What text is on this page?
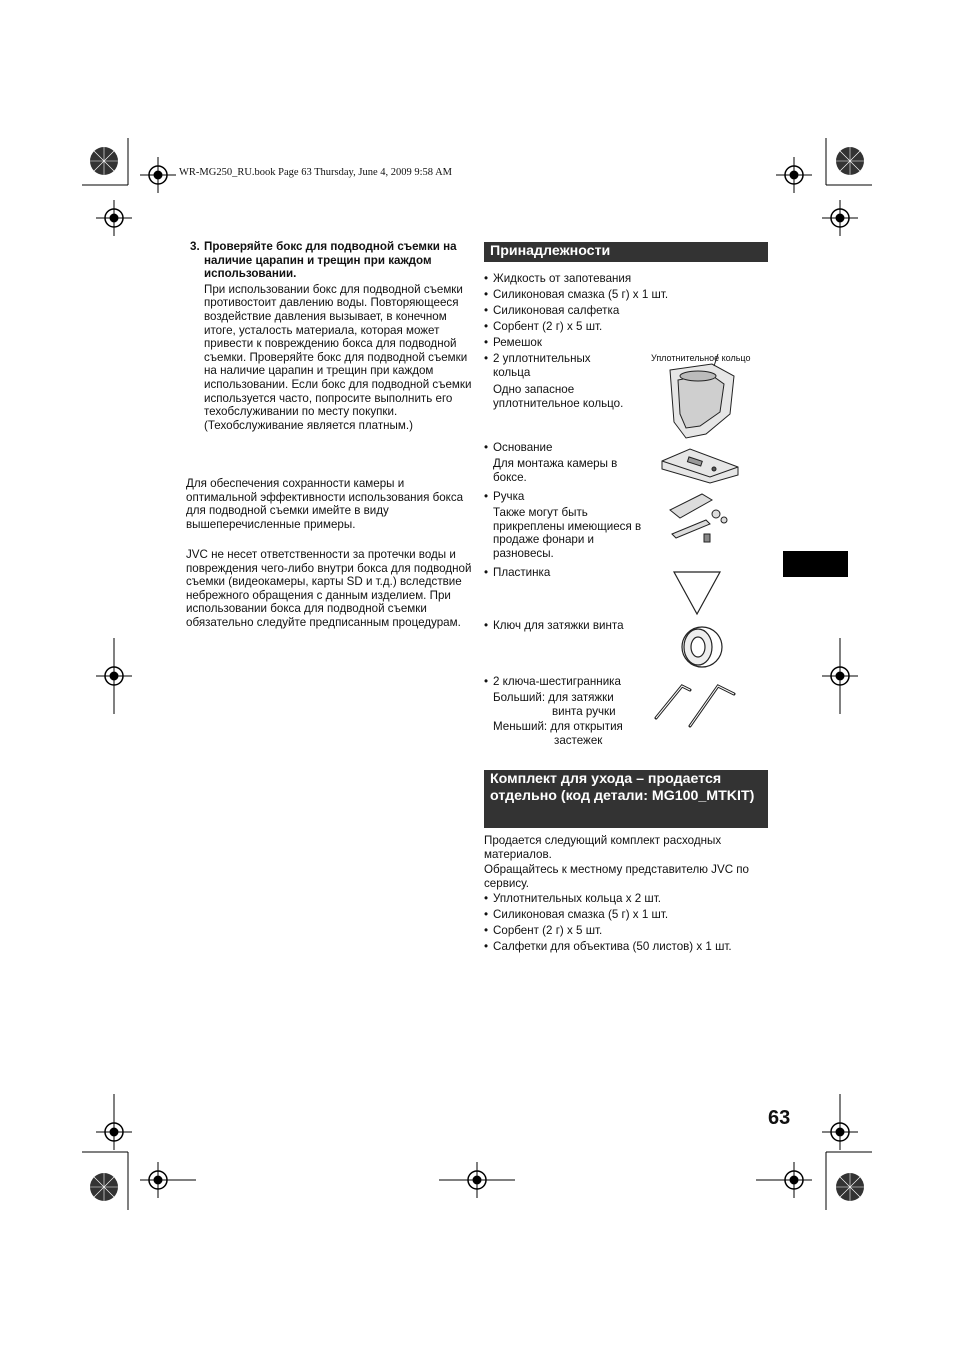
WR-MG250_RU.book Page 63 Thursday, June 4, 2009 9:58 AM
3. Проверяйте бокс для подводной съемки на наличие царапин и трещин при каждом использовании.
При использовании бокс для подводной съемки противостоит давлению воды. Повторяющееся воздействие давления вызывает, в конечном итоге, усталость материала, которая может привести к повреждению бокса для подводной съемки. Проверяйте бокс для подводной съемки на наличие царапин и трещин при каждом использовании. Если бокс для подводной съемки используется часто, попросите выполнить его техобслуживании по месту покупки. (Техобслуживание является платным.)
Для обеспечения сохранности камеры и оптимальной эффективности использования бокса для подводной съемки имейте в виду вышеперечисленные примеры.
JVC не несет ответственности за протечки воды и повреждения чего-либо внутри бокса для подводной съемки (видеокамеры, карты SD и т.д.) вследствие небрежного обращения с данным изделием. При использовании бокса для подводной съемки обязательно следуйте предписанным процедурам.
Принадлежности
• Жидкость от запотевания
• Силиконовая смазка (5 г) x 1 шт.
• Силиконовая салфетка
• Сорбент (2 г) x 5 шт.
• Ремешок
• 2 уплотнительных
кольца
Одно запасное уплотнительное кольцо.
Уплотнительное кольцо
• Основание
Для монтажа камеры в боксе.
• Ручка
Также могут быть прикреплены имеющиеся в продаже фонари и разновесы.
• Пластинка
• Ключ для затяжки винта
• 2 ключа-шестигранника
Больший: для затяжки
винта ручки
Меньший: для открытия
застежек
Комплект для ухода – продается отдельно (код детали: MG100_MTKIT)
Продается следующий комплект расходных материалов.
Обращайтесь к местному представителю JVC по сервису.
• Уплотнительных кольца x 2 шт.
• Силиконовая смазка (5 г) x 1 шт.
• Сорбент (2 г) x 5 шт.
• Салфетки для объектива (50 листов) x 1 шт.
63
